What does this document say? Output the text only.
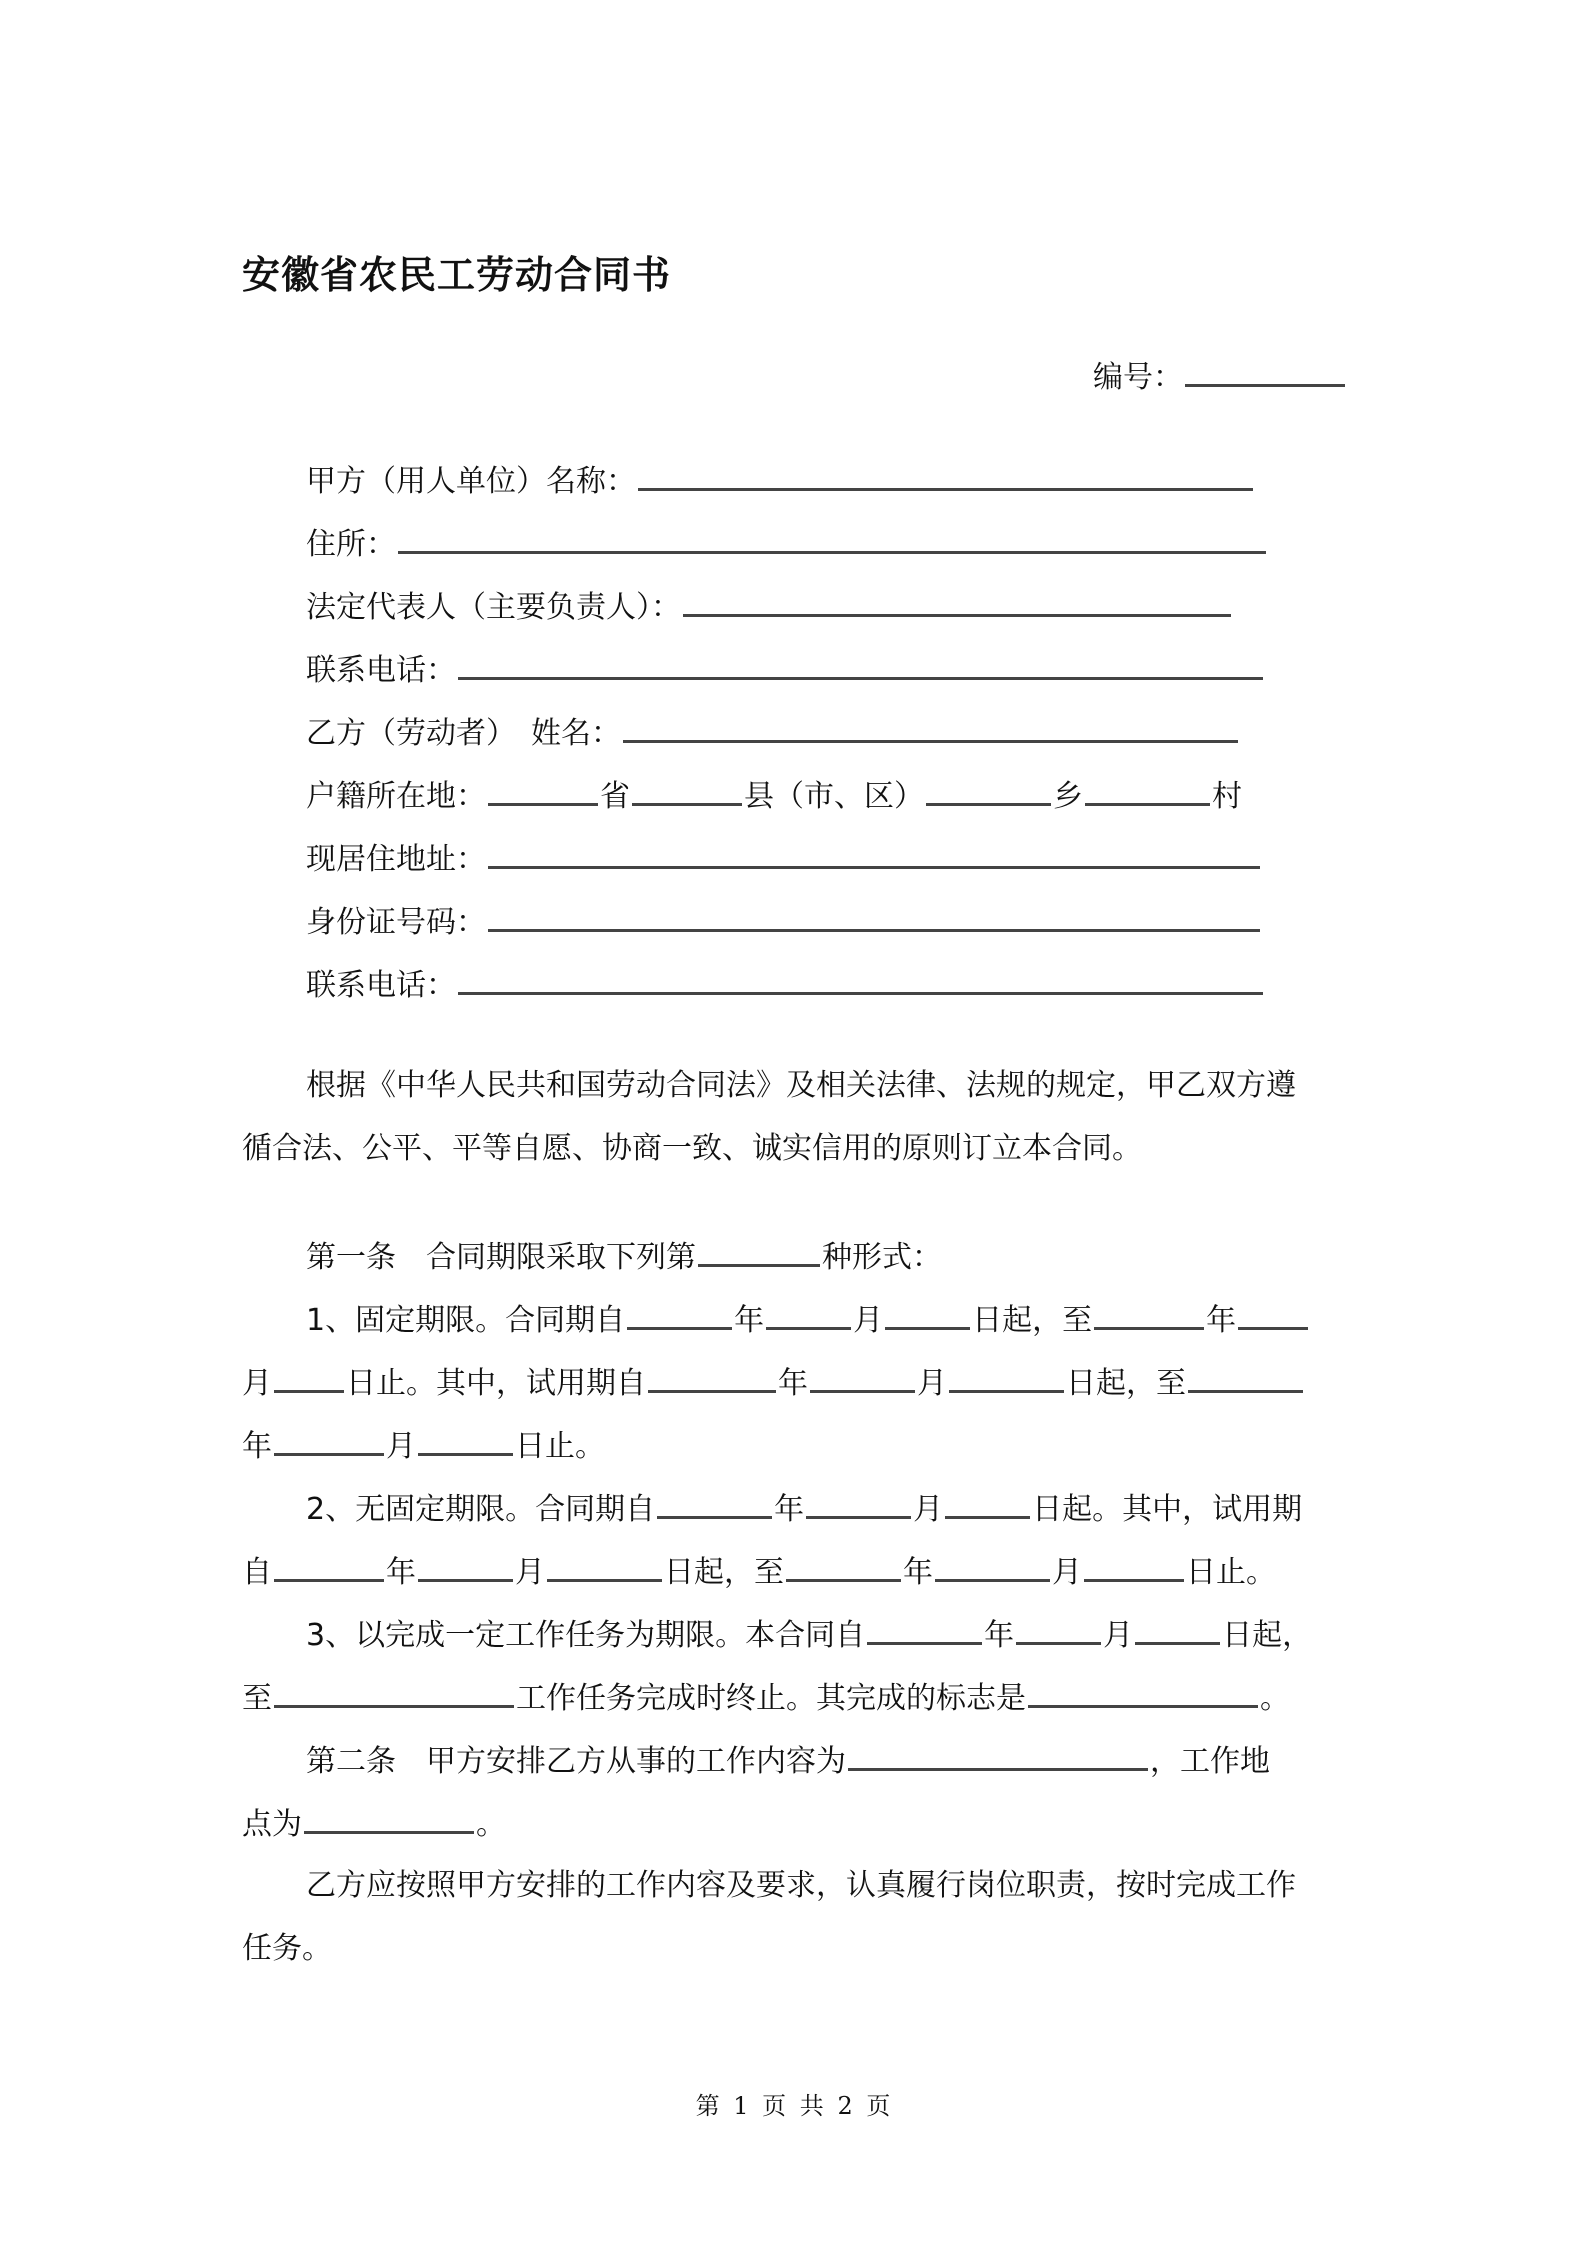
安徽省农民工劳动合同书
编号：
甲方（用人单位）名称：
住所：
法定代表人（主要负责人）：
联系电话：
乙方（劳动者）　姓名：
户籍所在地：	省	县（市、区）	乡	村
现居住地址：
身份证号码：
联系电话：
根据《中华人民共和国劳动合同法》及相关法律、法规的规定，甲乙双方遵
循合法、公平、平等自愿、协商一致、诚实信用的原则订立本合同。
第一条　合同期限采取下列第	种形式：
1、固定期限。合同期自	年	月	日起，至	年
月 日止。其中，试用期自	年	月	日起，至
年	月	日止。
2、无固定期限。合同期自	年	月	日起。其中，试用期
自	年	月	日起，至	年	月	日止。
3、以完成一定工作任务为期限。本合同自	年	月	日起，
至	工作任务完成时终止。其完成的标志是	。
第二条　甲方安排乙方从事的工作内容为	，工作地
点为	。
乙方应按照甲方安排的工作内容及要求，认真履行岗位职责，按时完成工作
任务。
第 1 页 共 2 页
